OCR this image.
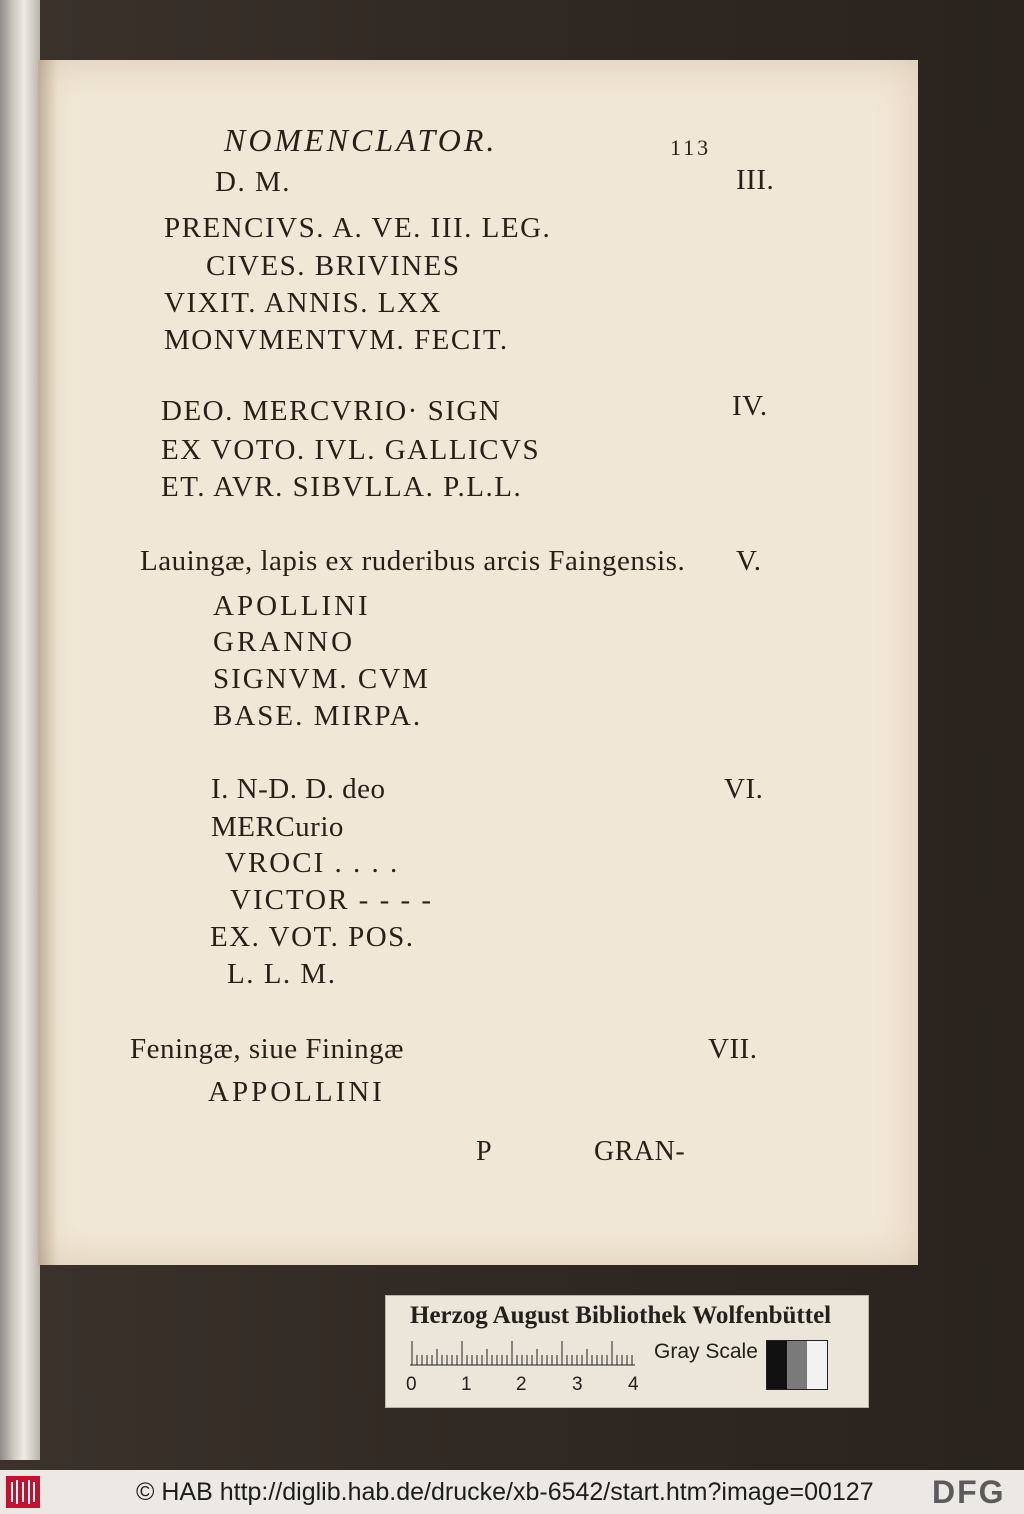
NOMENCLATOR.	113
III.
D. M.
PRENCIVS. A. VE. III. LEG.
CIVES. BRIVINES
VIXIT. ANNIS. LXX
MONVMENTVM. FECIT.
IV.
DEO. MERCVRIO· SIGN
EX VOTO. IVL. GALLICVS
ET. AVR. SIBVLLA. P.L.L.
Lauingæ, lapis ex ruderibus arcis Faingensis. V.
APOLLINI
GRANNO
SIGNVM. CVM
BASE. MIRPA.
I. N-D. D. deo	VI.
MERCurio
VROCI . . . .
VICTOR - - - -
EX. VOT. POS.
L. L. M.
Feningæ, siue Finingæ	VII.
APPOLLINI
P	GRAN-
Herzog August Bibliothek Wolfenbüttel
0 1 2 3 4
Gray Scale
© HAB http://diglib.hab.de/drucke/xb-6542/start.htm?image=00127 DFG
